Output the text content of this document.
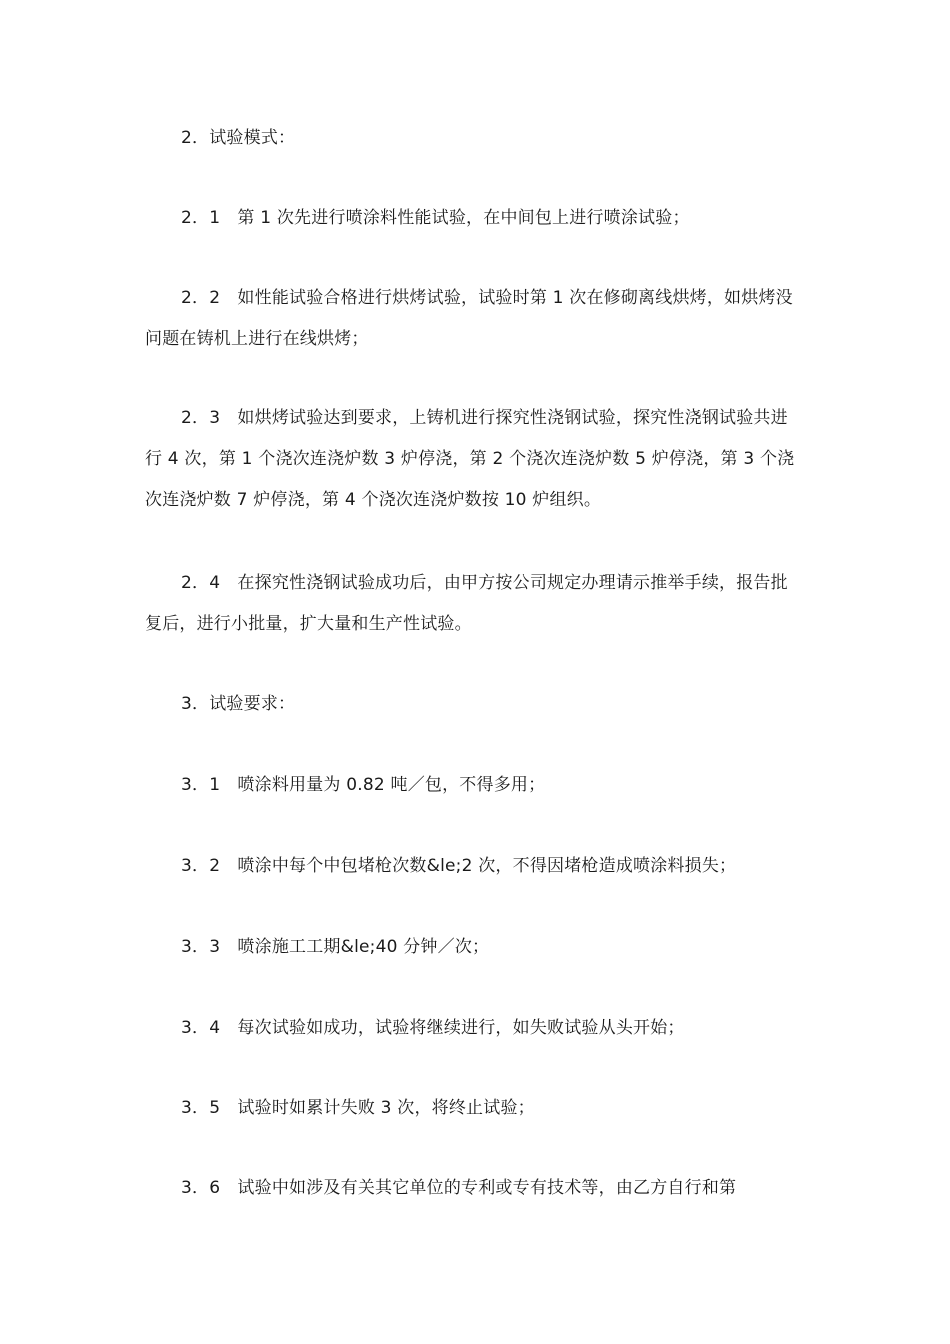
2．试验模式：

2．1　第 1 次先进行喷涂料性能试验，在中间包上进行喷涂试验；

2．2　如性能试验合格进行烘烤试验，试验时第 1 次在修砌离线烘烤，如烘烤没问题在铸机上进行在线烘烤；

2．3　如烘烤试验达到要求，上铸机进行探究性浇钢试验，探究性浇钢试验共进行 4 次，第 1 个浇次连浇炉数 3 炉停浇，第 2 个浇次连浇炉数 5 炉停浇，第 3 个浇次连浇炉数 7 炉停浇，第 4 个浇次连浇炉数按 10 炉组织。

2．4　在探究性浇钢试验成功后，由甲方按公司规定办理请示推举手续，报告批复后，进行小批量，扩大量和生产性试验。

3．试验要求：

3．1　喷涂料用量为 0.82 吨／包，不得多用；

3．2　喷涂中每个中包堵枪次数&le;2 次，不得因堵枪造成喷涂料损失；

3．3　喷涂施工工期&le;40 分钟／次；

3．4　每次试验如成功，试验将继续进行，如失败试验从头开始；

3．5　试验时如累计失败 3 次，将终止试验；

3．6　试验中如涉及有关其它单位的专利或专有技术等，由乙方自行和第
